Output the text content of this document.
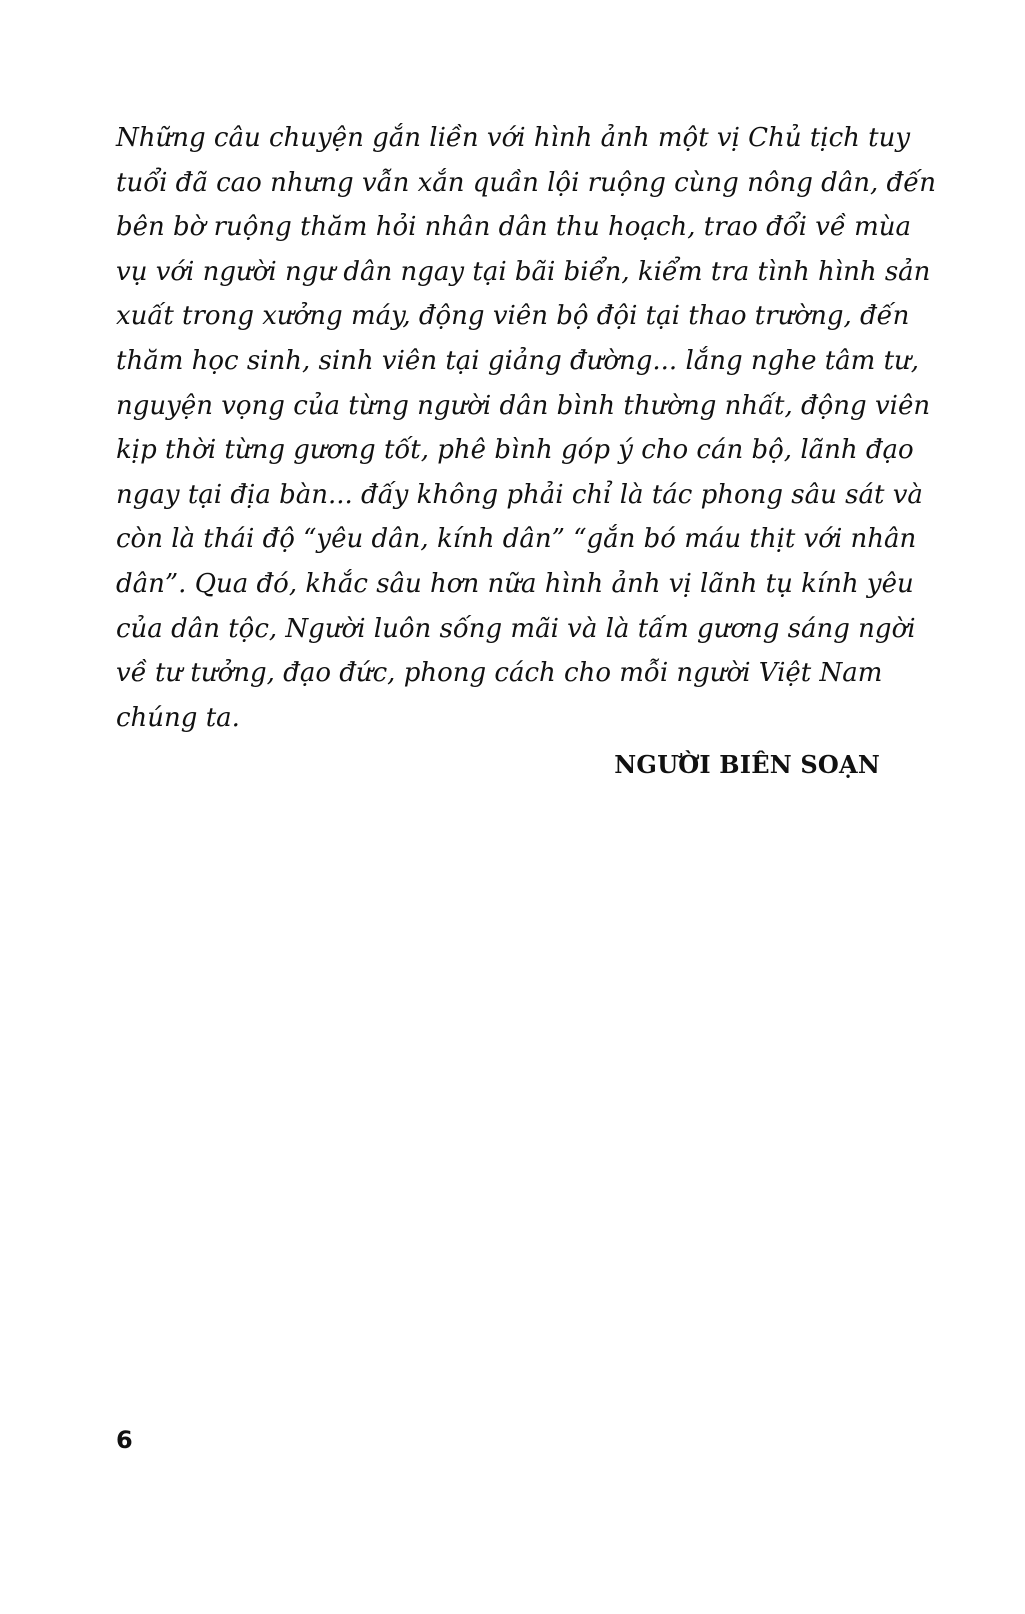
Những câu chuyện gắn liền với hình ảnh một vị Chủ tịch tuy
tuổi đã cao nhưng vẫn xắn quần lội ruộng cùng nông dân, đến
bên bờ ruộng thăm hỏi nhân dân thu hoạch, trao đổi về mùa
vụ với người ngư dân ngay tại bãi biển, kiểm tra tình hình sản
xuất trong xưởng máy, động viên bộ đội tại thao trường, đến
thăm học sinh, sinh viên tại giảng đường... lắng nghe tâm tư,
nguyện vọng của từng người dân bình thường nhất, động viên
kịp thời từng gương tốt, phê bình góp ý cho cán bộ, lãnh đạo
ngay tại địa bàn... đấy không phải chỉ là tác phong sâu sát và
còn là thái độ “yêu dân, kính dân” “gắn bó máu thịt với nhân
dân”. Qua đó, khắc sâu hơn nữa hình ảnh vị lãnh tụ kính yêu
của dân tộc, Người luôn sống mãi và là tấm gương sáng ngời
về tư tưởng, đạo đức, phong cách cho mỗi người Việt Nam
chúng ta.

NGƯỜI BIÊN SOẠN

6
